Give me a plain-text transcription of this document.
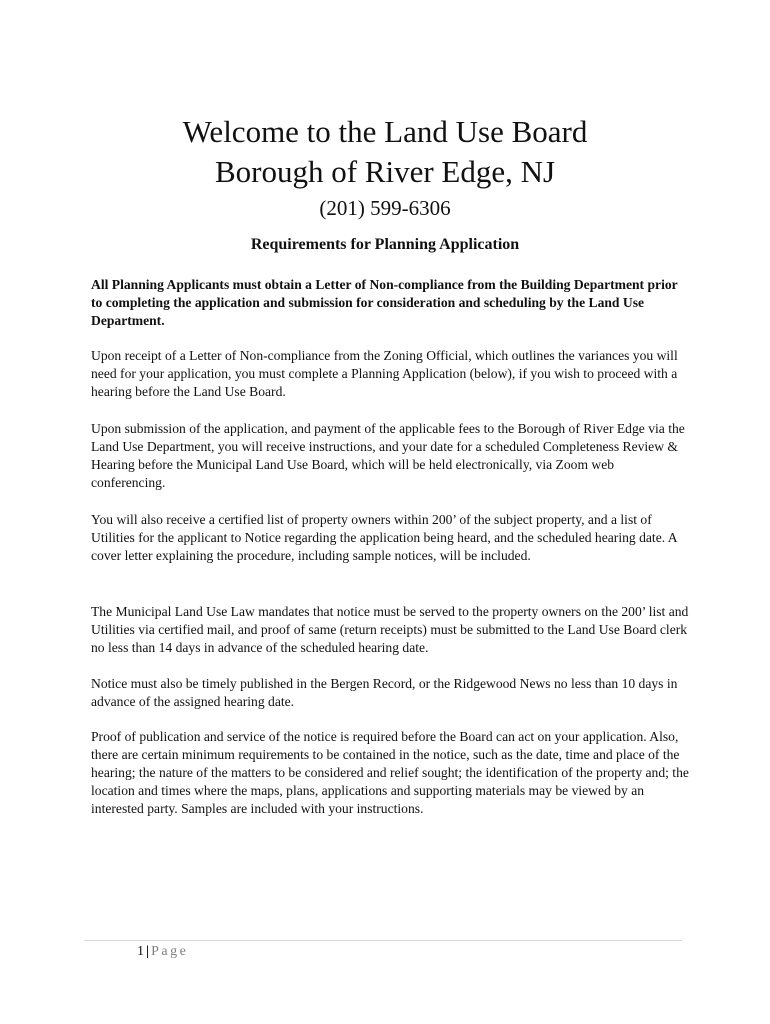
Welcome to the Land Use Board
Borough of River Edge, NJ
(201) 599-6306
Requirements for Planning Application

All Planning Applicants must obtain a Letter of Non-compliance from the Building Department prior to completing the application and submission for consideration and scheduling by the Land Use Department.

Upon receipt of a Letter of Non-compliance from the Zoning Official, which outlines the variances you will need for your application, you must complete a Planning Application (below), if you wish to proceed with a hearing before the Land Use Board.

Upon submission of the application, and payment of the applicable fees to the Borough of River Edge via the Land Use Department, you will receive instructions, and your date for a scheduled Completeness Review & Hearing before the Municipal Land Use Board, which will be held electronically, via Zoom web conferencing.

You will also receive a certified list of property owners within 200’ of the subject property, and a list of Utilities for the applicant to Notice regarding the application being heard, and the scheduled hearing date. A cover letter explaining the procedure, including sample notices, will be included.

The Municipal Land Use Law mandates that notice must be served to the property owners on the 200’ list and Utilities via certified mail, and proof of same (return receipts) must be submitted to the Land Use Board clerk no less than 14 days in advance of the scheduled hearing date.

Notice must also be timely published in the Bergen Record, or the Ridgewood News no less than 10 days in advance of the assigned hearing date.

Proof of publication and service of the notice is required before the Board can act on your application. Also, there are certain minimum requirements to be contained in the notice, such as the date, time and place of the hearing; the nature of the matters to be considered and relief sought; the identification of the property and; the location and times where the maps, plans, applications and supporting materials may be viewed by an interested party. Samples are included with your instructions.

1 | Page
